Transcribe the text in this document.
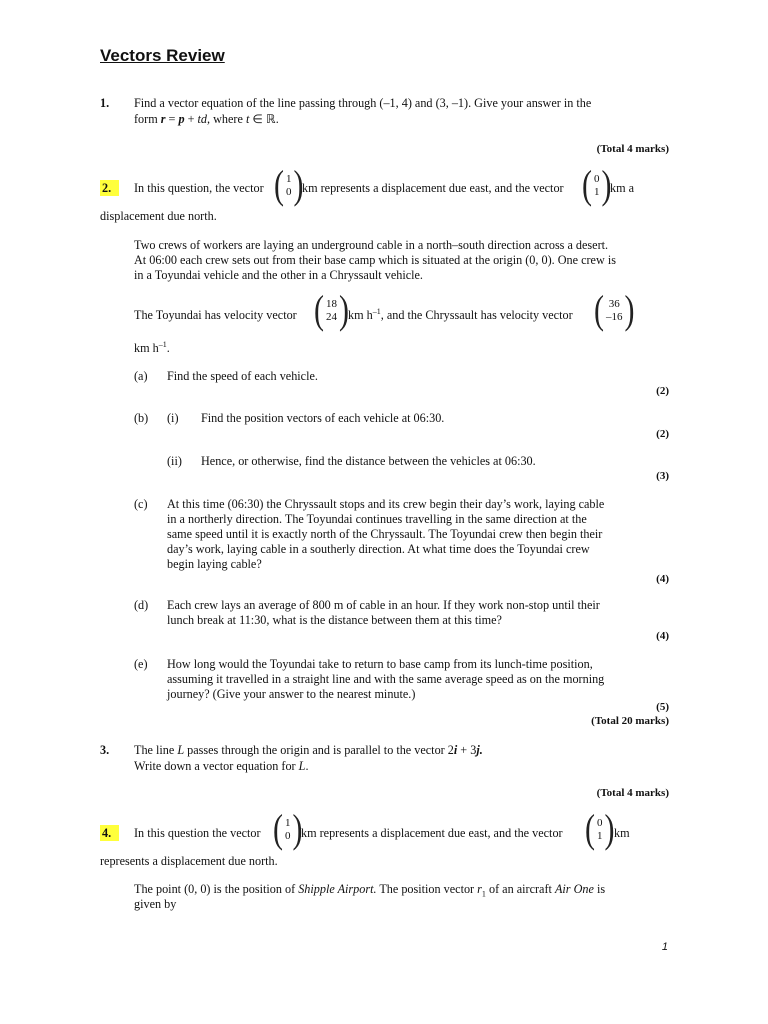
Vectors Review
1. Find a vector equation of the line passing through (–1, 4) and (3, –1). Give your answer in the
form r = p + td, where t ∈ ℝ.
(Total 4 marks)
2.	In this question, the vector ( 1
0 )
km represents a displacement due east, and the vector ( 0
1 )
km a
displacement due north.
Two crews of workers are laying an underground cable in a north–south direction across a desert.
At 06:00 each crew sets out from their base camp which is situated at the origin (0, 0). One crew is
in a Toyundai vehicle and the other in a Chryssault vehicle.
The Toyundai has velocity vector ( 18
24 ) km $h^{-1}$, and the Chryssault has velocity vector ( 36
–16 )
km $h^{-1}$.
(a) Find the speed of each vehicle.
(2)
(b) (i) Find the position vectors of each vehicle at 06:30.
(2)
(ii) Hence, or otherwise, find the distance between the vehicles at 06:30.
(3)
(c) At this time (06:30) the Chryssault stops and its crew begin their day’s work, laying cable
in a northerly direction. The Toyundai continues travelling in the same direction at the
same speed until it is exactly north of the Chryssault. The Toyundai crew then begin their
day’s work, laying cable in a southerly direction. At what time does the Toyundai crew
begin laying cable?
(4)
(d) Each crew lays an average of 800 m of cable in an hour. If they work non-stop until their
lunch break at 11:30, what is the distance between them at this time?
(4)
(e) How long would the Toyundai take to return to base camp from its lunch-time position,
assuming it travelled in a straight line and with the same average speed as on the morning
journey? (Give your answer to the nearest minute.)
(5)
(Total 20 marks)
3. The line L passes through the origin and is parallel to the vector 2i + 3j.
Write down a vector equation for L.
(Total 4 marks)
4.	In this question the vector ( 1
0 )
km represents a displacement due east, and the vector ( 0
1 ) km
represents a displacement due north.
The point (0, 0) is the position of Shipple Airport. The position vector $r_1$ of an aircraft Air One is
given by
1
